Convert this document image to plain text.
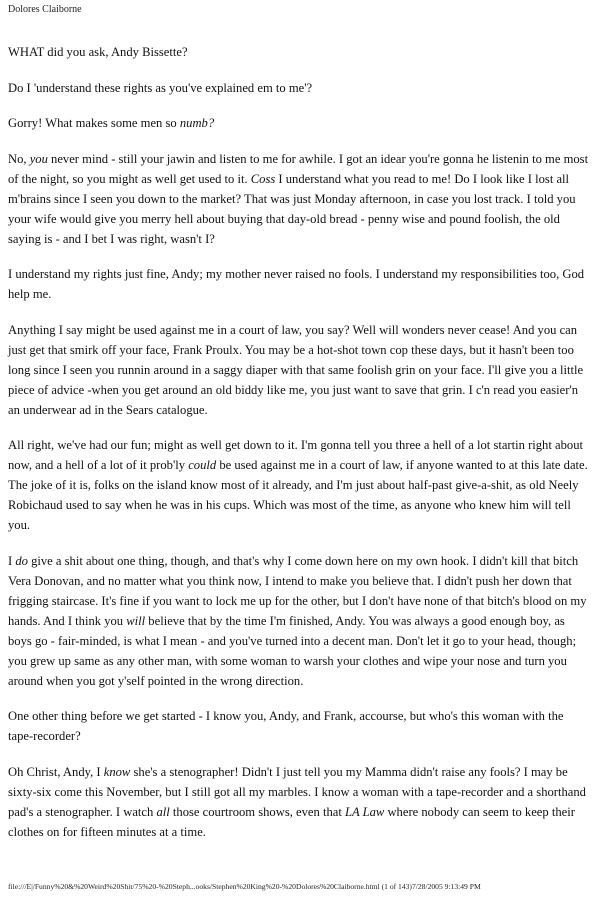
Dolores Claiborne

WHAT did you ask, Andy Bissette?

Do I 'understand these rights as you've explained em to me'?

Gorry! What makes some men so numb?

No, you never mind - still your jawin and listen to me for awhile. I got an idear you're gonna he listenin to me most of the night, so you might as well get used to it. Coss I understand what you read to me! Do I look like I lost all m'brains since I seen you down to the market? That was just Monday afternoon, in case you lost track. I told you your wife would give you merry hell about buying that day-old bread - penny wise and pound foolish, the old saying is - and I bet I was right, wasn't I?

I understand my rights just fine, Andy; my mother never raised no fools. I understand my responsibilities too, God help me.

Anything I say might be used against me in a court of law, you say? Well will wonders never cease! And you can just get that smirk off your face, Frank Proulx. You may be a hot-shot town cop these days, but it hasn't been too long since I seen you runnin around in a saggy diaper with that same foolish grin on your face. I'll give you a little piece of advice -when you get around an old biddy like me, you just want to save that grin. I c'n read you easier'n an underwear ad in the Sears catalogue.

All right, we've had our fun; might as well get down to it. I'm gonna tell you three a hell of a lot startin right about now, and a hell of a lot of it prob'ly could be used against me in a court of law, if anyone wanted to at this late date. The joke of it is, folks on the island know most of it already, and I'm just about half-past give-a-shit, as old Neely Robichaud used to say when he was in his cups. Which was most of the time, as anyone who knew him will tell you.

I do give a shit about one thing, though, and that's why I come down here on my own hook. I didn't kill that bitch Vera Donovan, and no matter what you think now, I intend to make you believe that. I didn't push her down that frigging staircase. It's fine if you want to lock me up for the other, but I don't have none of that bitch's blood on my hands. And I think you will believe that by the time I'm finished, Andy. You was always a good enough boy, as boys go - fair-minded, is what I mean - and you've turned into a decent man. Don't let it go to your head, though; you grew up same as any other man, with some woman to warsh your clothes and wipe your nose and turn you around when you got y'self pointed in the wrong direction.

One other thing before we get started - I know you, Andy, and Frank, accourse, but who's this woman with the tape-recorder?

Oh Christ, Andy, I know she's a stenographer! Didn't I just tell you my Mamma didn't raise any fools? I may be sixty-six come this November, but I still got all my marbles. I know a woman with a tape-recorder and a shorthand pad's a stenographer. I watch all those courtroom shows, even that LA Law where nobody can seem to keep their clothes on for fifteen minutes at a time.

file:///E|/Funny%20&%20Weird%20Shit/75%20-%20Steph...ooks/Stephen%20King%20-%20Dolores%20Claiborne.html (1 of 143)7/28/2005 9:13:49 PM
